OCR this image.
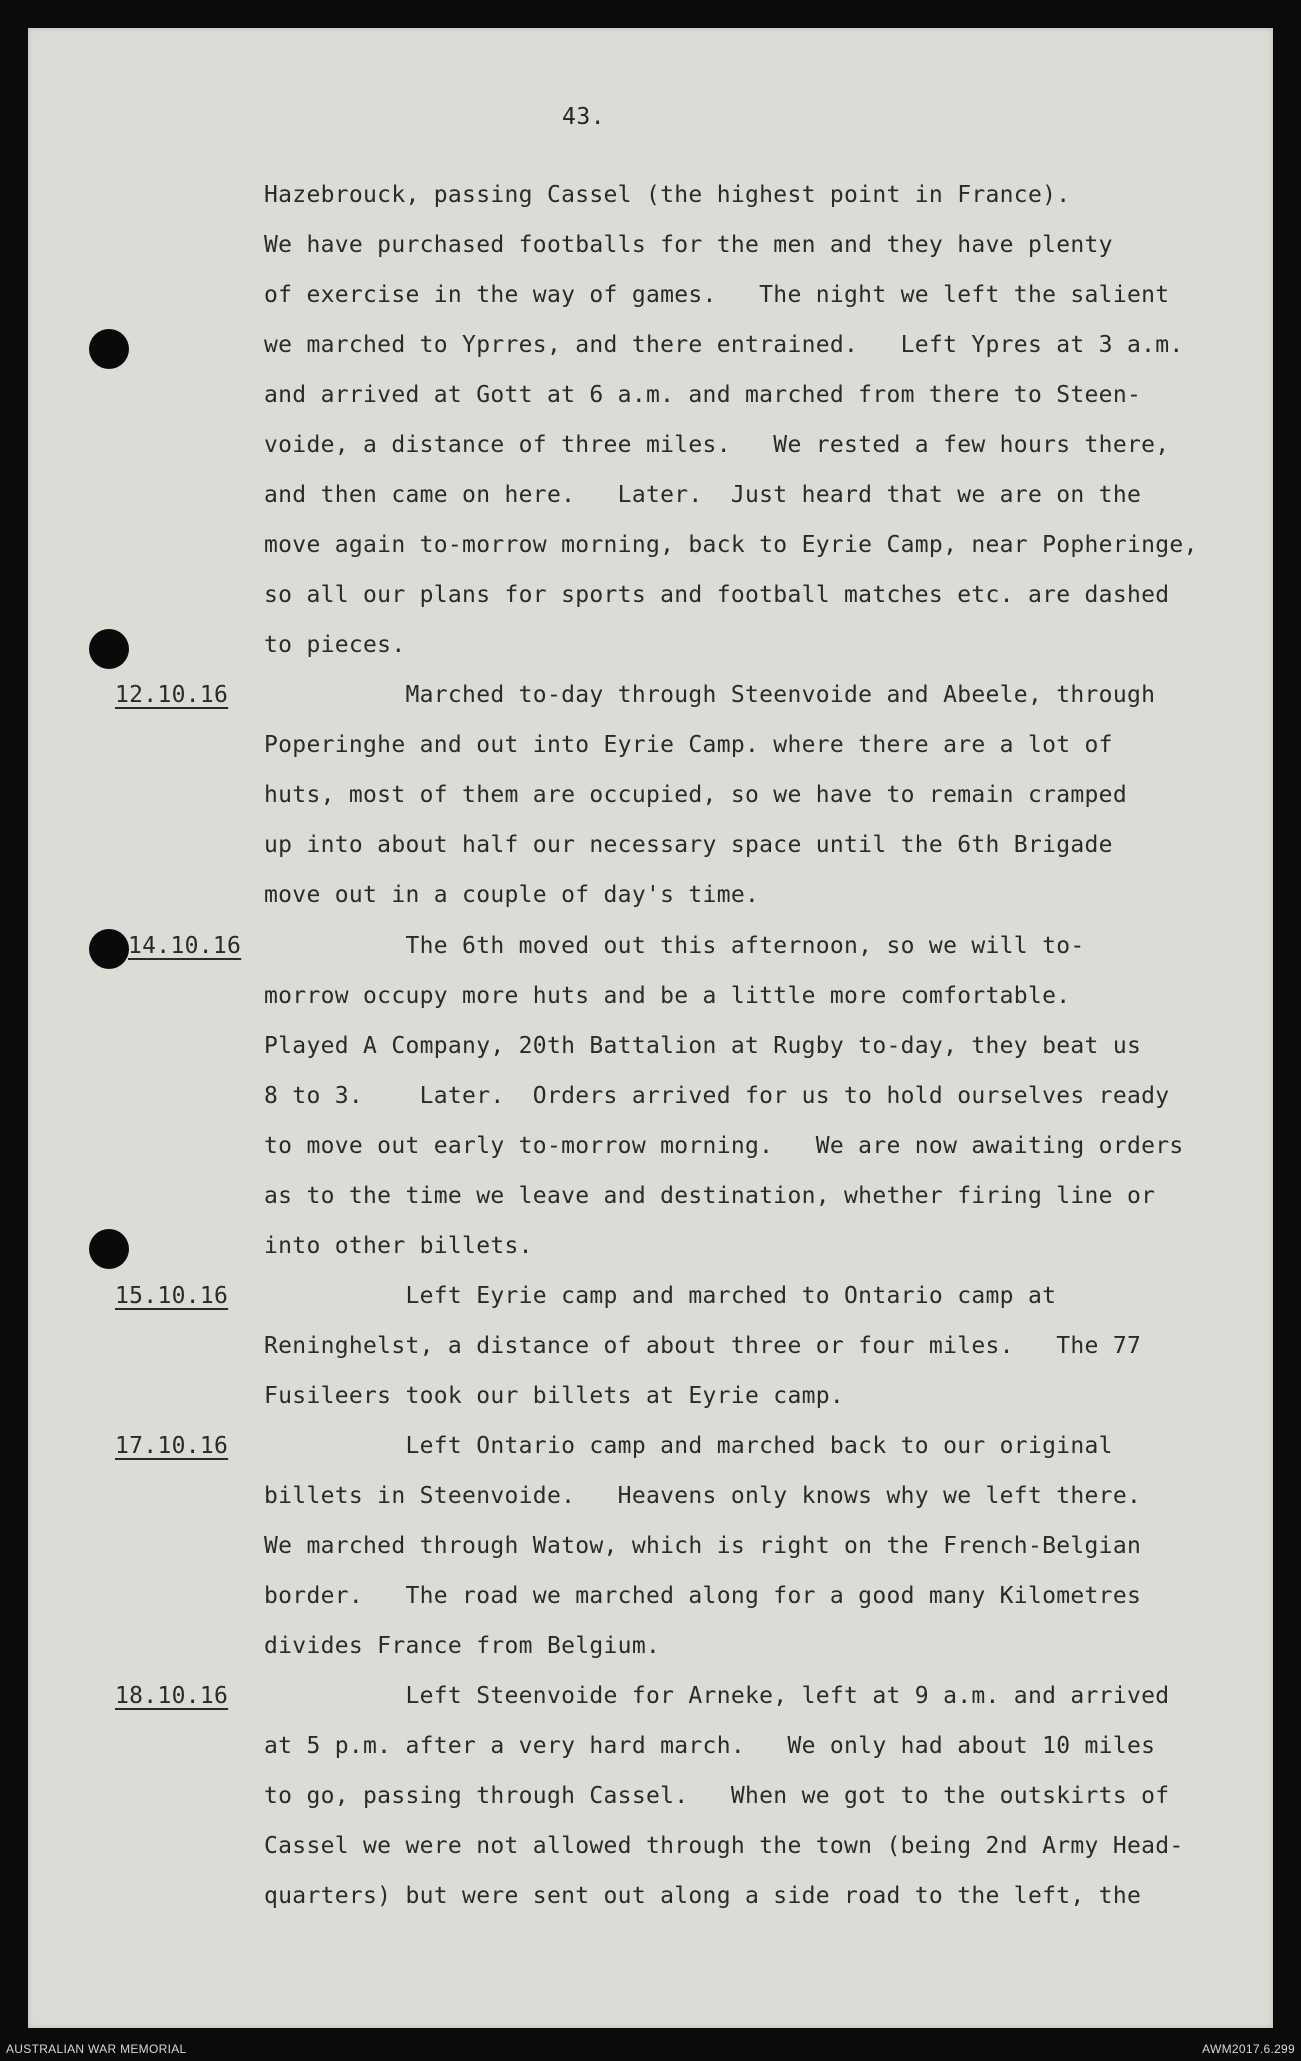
43.
Hazebrouck, passing Cassel (the highest point in France).
We have purchased footballs for the men and they have plenty
of exercise in the way of games.   The night we left the salient
we marched to Yprres, and there entrained.   Left Ypres at 3 a.m.
and arrived at Gott at 6 a.m. and marched from there to Steen-
voide, a distance of three miles.   We rested a few hours there,
and then came on here.   Later.  Just heard that we are on the
move again to-morrow morning, back to Eyrie Camp, near Popheringe,
so all our plans for sports and football matches etc. are dashed
to pieces.
12.10.16 Marched to-day through Steenvoide and Abeele, through
Poperinghe and out into Eyrie Camp. where there are a lot of
huts, most of them are occupied, so we have to remain cramped
up into about half our necessary space until the 6th Brigade
move out in a couple of day's time.
14.10.16 The 6th moved out this afternoon, so we will to-
morrow occupy more huts and be a little more comfortable.
Played A Company, 20th Battalion at Rugby to-day, they beat us
8 to 3.    Later.  Orders arrived for us to hold ourselves ready
to move out early to-morrow morning.   We are now awaiting orders
as to the time we leave and destination, whether firing line or
into other billets.
15.10.16 Left Eyrie camp and marched to Ontario camp at
Reninghelst, a distance of about three or four miles.   The 77
Fusileers took our billets at Eyrie camp.
17.10.16 Left Ontario camp and marched back to our original
billets in Steenvoide.   Heavens only knows why we left there.
We marched through Watow, which is right on the French-Belgian
border.   The road we marched along for a good many Kilometres
divides France from Belgium.
18.10.16 Left Steenvoide for Arneke, left at 9 a.m. and arrived
at 5 p.m. after a very hard march.   We only had about 10 miles
to go, passing through Cassel.   When we got to the outskirts of
Cassel we were not allowed through the town (being 2nd Army Head-
quarters) but were sent out along a side road to the left, the
AUSTRALIAN WAR MEMORIAL	AWM2017.6.299
